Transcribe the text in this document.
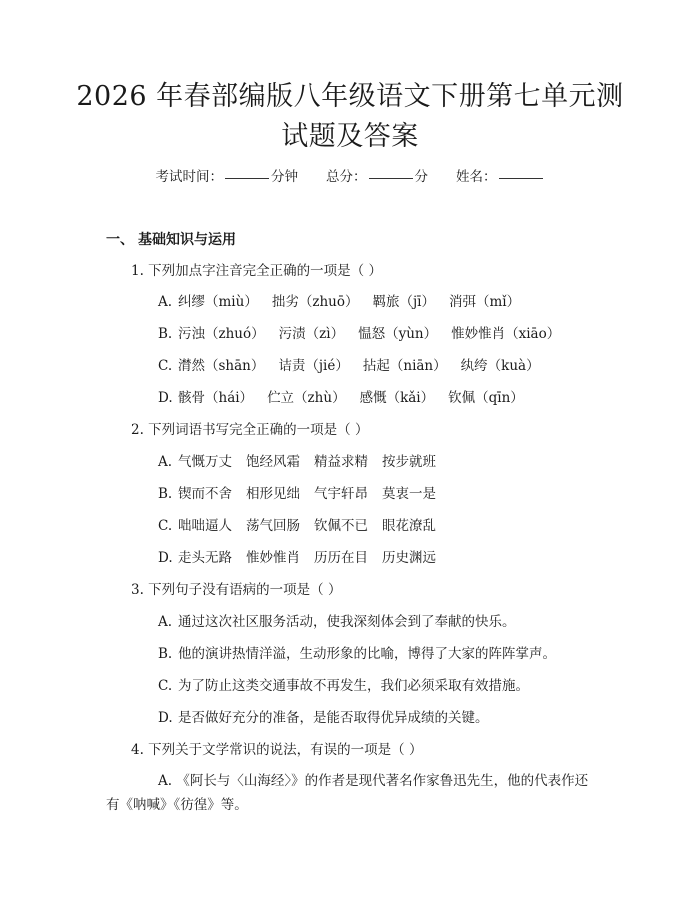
2026 年春部编版八年级语文下册第七单元测
试题及答案
考试时间：	分钟 总分：	分 姓名：
一、 基础知识与运用
1. 下列加点字注音完全正确的一项是（ ）
A. 纠缪（miù） 拙劣（zhuō） 羁旅（jī） 消弭（mǐ）
B. 污浊（zhuó） 污渍（zì） 愠怒（yùn） 惟妙惟肖（xiāo）
C. 潸然（shān） 诘责（jié） 拈起（niān） 纨绔（kuà）
D. 骸骨（hái） 伫立（zhù） 感慨（kǎi） 钦佩（qīn）
2. 下列词语书写完全正确的一项是（ ）
A. 气慨万丈 饱经风霜 精益求精 按步就班
B. 锲而不舍 相形见绌 气宇轩昂 莫衷一是
C. 咄咄逼人 荡气回肠 钦佩不已 眼花潦乱
D. 走头无路 惟妙惟肖 历历在目 历史渊远
3. 下列句子没有语病的一项是（ ）
A. 通过这次社区服务活动，使我深刻体会到了奉献的快乐。
B. 他的演讲热情洋溢，生动形象的比喻，博得了大家的阵阵掌声。
C. 为了防止这类交通事故不再发生，我们必须采取有效措施。
D. 是否做好充分的准备，是能否取得优异成绩的关键。
4. 下列关于文学常识的说法，有误的一项是（ ）

A. 《阿长与〈山海经〉》的作者是现代著名作家鲁迅先生，他的代表作还有《呐喊》《彷徨》等。
